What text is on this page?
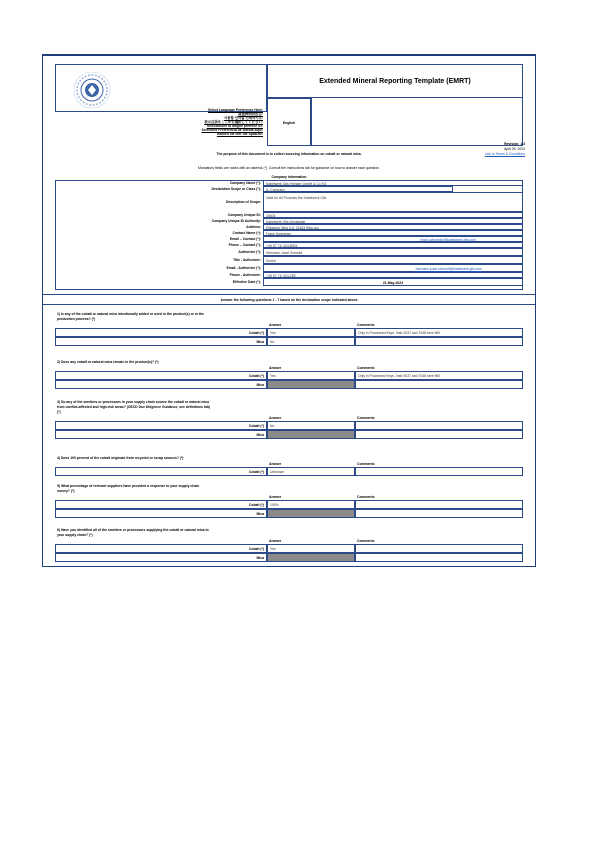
Extended Mineral Reporting Template (EMRT)
Select Language Preference Here:
请选择你的语言:
사용할 언어를 선택하시오:
表示言語をここから選択してください:
Sélectionner la langue préférée ici:
Selecione Preferência de idioma Aqui:
Wählen sie hier die Sprache:
English
Revision: 1.3
April 26, 2024
Link to Terms & Conditions
The purpose of this document is to collect sourcing information on cobalt or natural mica.
Mandatory fields are noted with an asterisk (*). Consult the instructions tab for guidance on how to answer each question.
Company Information
Company Name (*): Kabelwerk Gils Heinder GmbH & Co KG
Declaration Scope or Class (*): A. Company
Description of Scope:
Valid for All Products the Kabelwerk Gils
Company Unique ID: 18403
Company Unique ID Authority: Kabelwerk Gils Worldwide
Address: Ellbacher Weg 3-5, 21483 Elbs.org
Contact Name (*): Frank Schneider
Email – Contact (*):	frank.schneider@kabelwerk-gils.com
Phone – Contact (*): +49 37 71/ 424-8001
Authorizer (*): Hermann-Josef Schmidt
Title - Authorizer: Doctor
Email - Authorizer (*):	hermann.josef.schmidt@kabelwerk-gils.com
Phone - Authorizer: +49 37 71/ 424-259
Effective Date (*):	21-May-2024
Answer the following questions 1 - 7 based on the declaration scope indicated above
1) Is any of the cobalt or natural mica intentionally added or used in the product(s) or in the
production process? (*)
Answer	Comments
Cobalt (*)	Yes	Only in Processed Keys, Instr 0037 and 7048 sere 960
Mica	No
2) Does any cobalt or natural mica remain in the product(s)? (*)
Answer	Comments
Cobalt (*)	Yes	Only in Processed Keys, Instr 0037 and 7048 sere 960
Mica
3) Do any of the smelters or processors in your supply chain source the cobalt or natural mica
from conflict-affected and high-risk areas? (OECD Due Diligence Guidance, see definitions tab)
(*)
Answer	Comments
Cobalt (*)	No
Mica
4) Does 100 percent of the cobalt originate from recycled or scrap sources? (*)
Answer	Comments
Cobalt (*)	Unknown
5) What percentage of relevant suppliers have provided a response to your supply chain
survey? (*)
Answer	Comments
Cobalt (*)	100%
Mica
6) Have you identified all of the smelters or processors supplying the cobalt or natural mica to
your supply chain? (*)
Answer	Comments
Cobalt (*)	Yes
Mica
